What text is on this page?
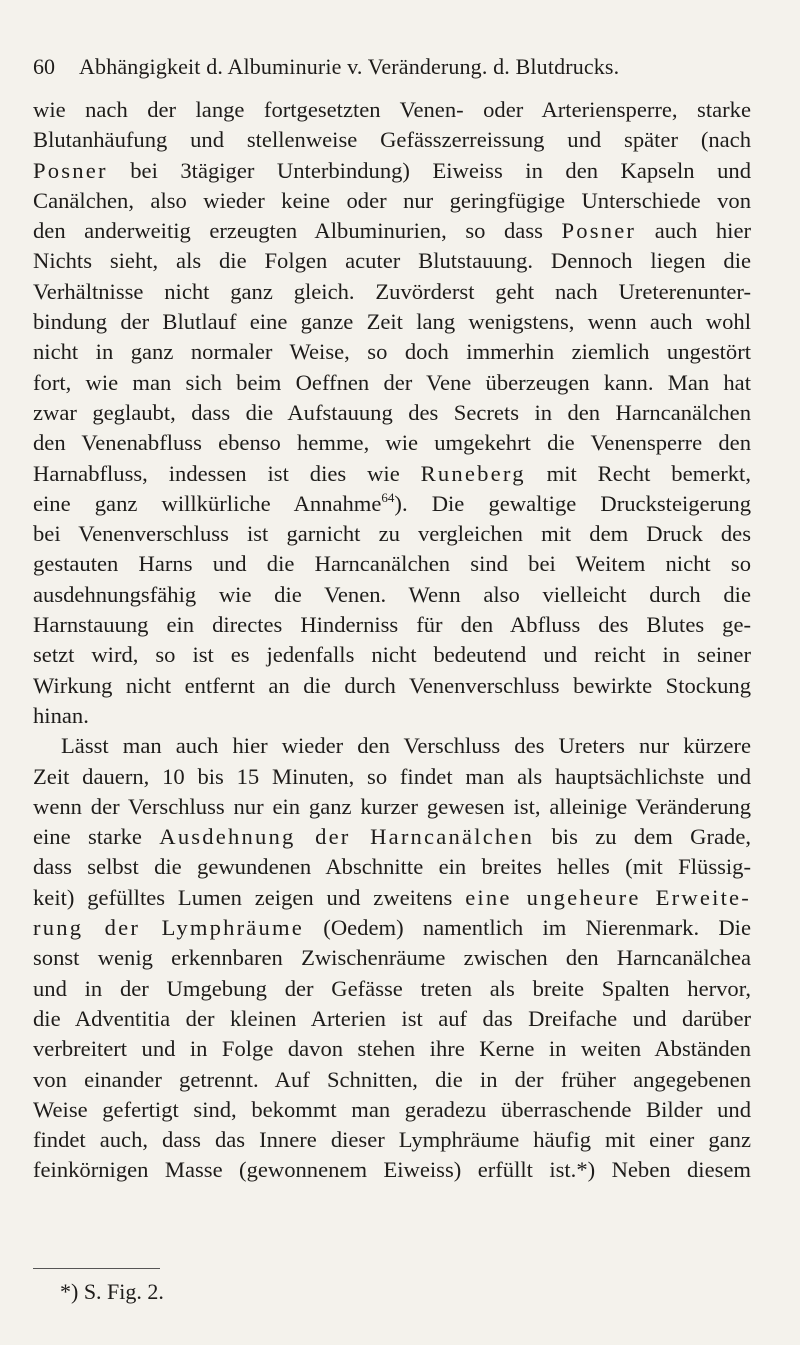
60 Abhängigkeit d. Albuminurie v. Veränderung. d. Blutdrucks.
wie nach der lange fortgesetzten Venen- oder Arteriensperre, starke
Blutanhäufung und stellenweise Gefässzerreissung und später (nach
Posner bei 3tägiger Unterbindung) Eiweiss in den Kapseln und
Canälchen, also wieder keine oder nur geringfügige Unterschiede von
den anderweitig erzeugten Albuminurien, so dass Posner auch hier
Nichts sieht, als die Folgen acuter Blutstauung. Dennoch liegen die
Verhältnisse nicht ganz gleich. Zuvörderst geht nach Ureterenunter-
bindung der Blutlauf eine ganze Zeit lang wenigstens, wenn auch wohl
nicht in ganz normaler Weise, so doch immerhin ziemlich ungestört
fort, wie man sich beim Oeffnen der Vene überzeugen kann. Man hat
zwar geglaubt, dass die Aufstauung des Secrets in den Harncanälchen
den Venenabfluss ebenso hemme, wie umgekehrt die Venensperre den
Harnabfluss, indessen ist dies wie Runeberg mit Recht bemerkt,
eine ganz willkürliche Annahme$^{64}$). Die gewaltige Drucksteigerung
bei Venenverschluss ist garnicht zu vergleichen mit dem Druck des
gestauten Harns und die Harncanälchen sind bei Weitem nicht so
ausdehnungsfähig wie die Venen. Wenn also vielleicht durch die
Harnstauung ein directes Hinderniss für den Abfluss des Blutes ge-
setzt wird, so ist es jedenfalls nicht bedeutend und reicht in seiner
Wirkung nicht entfernt an die durch Venenverschluss bewirkte Stockung
hinan.
Lässt man auch hier wieder den Verschluss des Ureters nur kürzere
Zeit dauern, 10 bis 15 Minuten, so findet man als hauptsächlichste und
wenn der Verschluss nur ein ganz kurzer gewesen ist, alleinige Veränderung
eine starke Ausdehnung der Harncanälchen bis zu dem Grade,
dass selbst die gewundenen Abschnitte ein breites helles (mit Flüssig-
keit) gefülltes Lumen zeigen und zweitens eine ungeheure Erweite-
rung der Lymphräume (Oedem) namentlich im Nierenmark. Die
sonst wenig erkennbaren Zwischenräume zwischen den Harncanälchea
und in der Umgebung der Gefässe treten als breite Spalten hervor,
die Adventitia der kleinen Arterien ist auf das Dreifache und darüber
verbreitert und in Folge davon stehen ihre Kerne in weiten Abständen
von einander getrennt. Auf Schnitten, die in der früher angegebenen
Weise gefertigt sind, bekommt man geradezu überraschende Bilder und
findet auch, dass das Innere dieser Lymphräume häufig mit einer ganz
feinkörnigen Masse (gewonnenem Eiweiss) erfüllt ist.*) Neben diesem
*) S. Fig. 2.
